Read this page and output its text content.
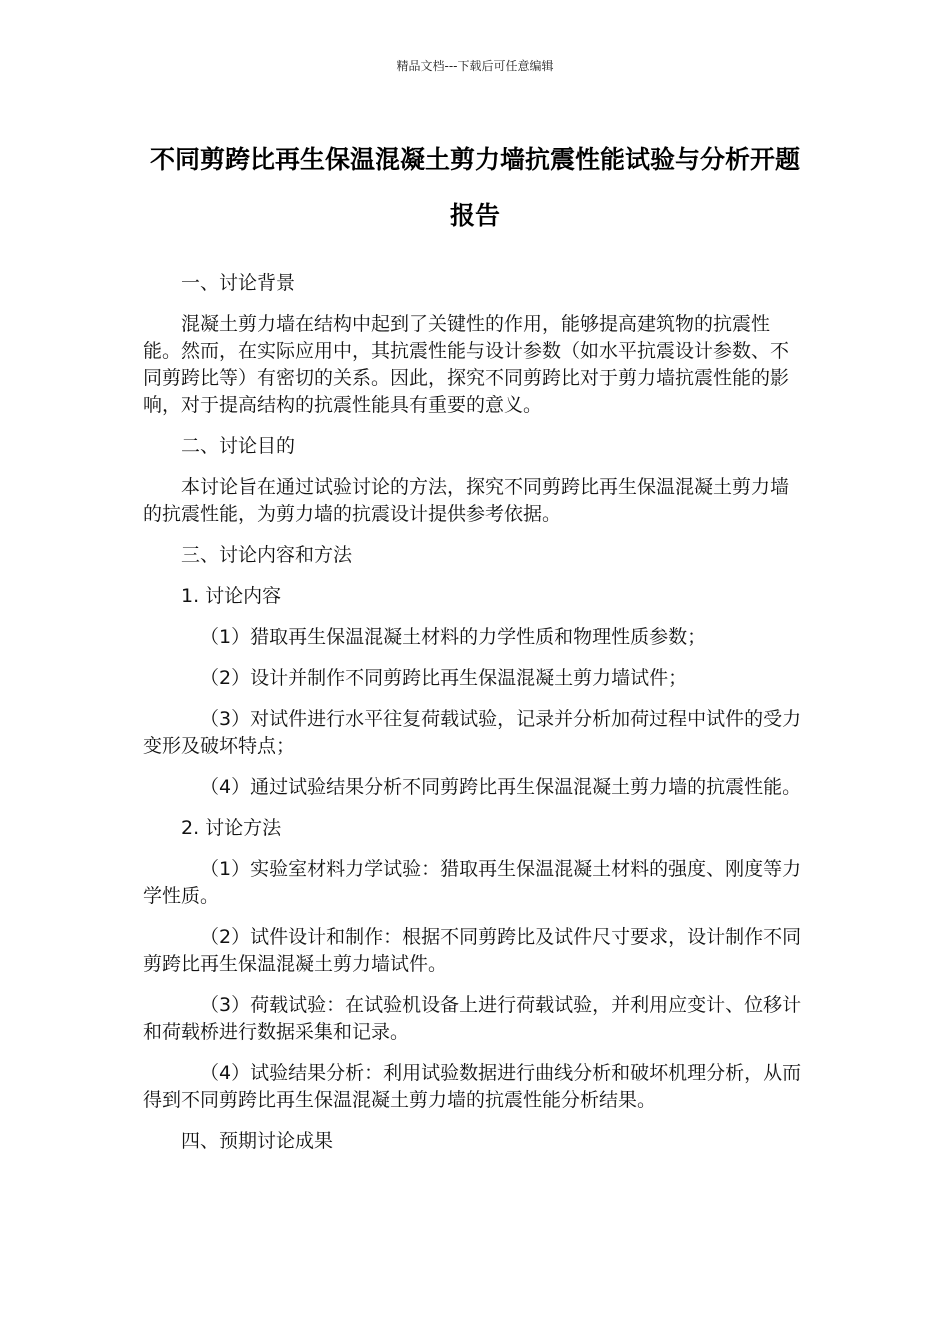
精品文档---下载后可任意编辑
不同剪跨比再生保温混凝土剪力墙抗震性能试验与分析开题报告

一、讨论背景

混凝土剪力墙在结构中起到了关键性的作用，能够提高建筑物的抗震性能。然而，在实际应用中，其抗震性能与设计参数（如水平抗震设计参数、不同剪跨比等）有密切的关系。因此，探究不同剪跨比对于剪力墙抗震性能的影响，对于提高结构的抗震性能具有重要的意义。

二、讨论目的

本讨论旨在通过试验讨论的方法，探究不同剪跨比再生保温混凝土剪力墙的抗震性能，为剪力墙的抗震设计提供参考依据。

三、讨论内容和方法

1. 讨论内容

（1）猎取再生保温混凝土材料的力学性质和物理性质参数；

（2）设计并制作不同剪跨比再生保温混凝土剪力墙试件；

（3）对试件进行水平往复荷载试验，记录并分析加荷过程中试件的受力变形及破坏特点；

（4）通过试验结果分析不同剪跨比再生保温混凝土剪力墙的抗震性能。

2. 讨论方法

（1）实验室材料力学试验：猎取再生保温混凝土材料的强度、刚度等力学性质。

（2）试件设计和制作：根据不同剪跨比及试件尺寸要求，设计制作不同剪跨比再生保温混凝土剪力墙试件。

（3）荷载试验：在试验机设备上进行荷载试验，并利用应变计、位移计和荷载桥进行数据采集和记录。

（4）试验结果分析：利用试验数据进行曲线分析和破坏机理分析，从而得到不同剪跨比再生保温混凝土剪力墙的抗震性能分析结果。

四、预期讨论成果
